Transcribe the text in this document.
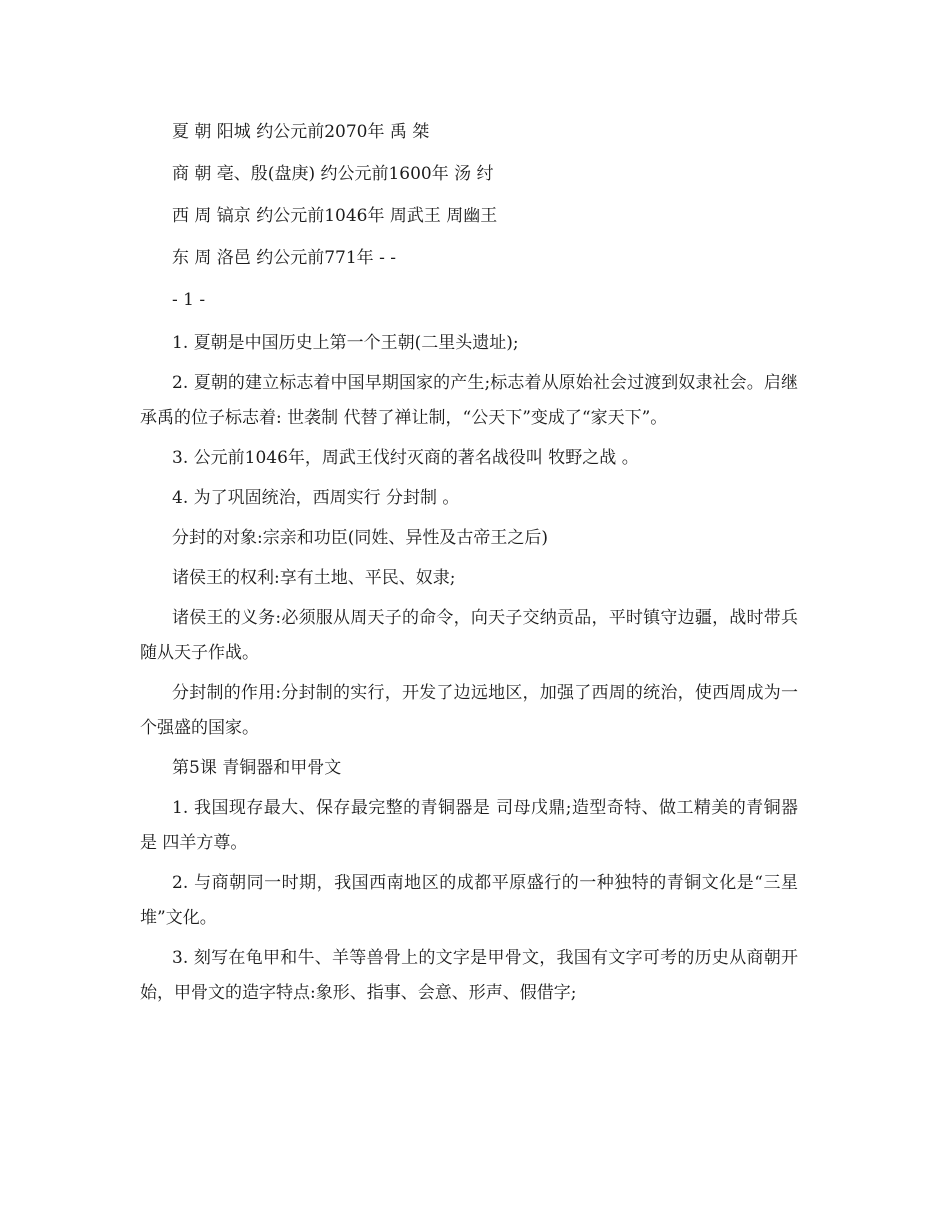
夏 朝 阳城 约公元前2070年 禹 桀

商 朝 亳、殷(盘庚) 约公元前1600年 汤 纣

西 周 镐京 约公元前1046年 周武王 周幽王

东 周 洛邑 约公元前771年 - -

- 1 -

1. 夏朝是中国历史上第一个王朝(二里头遗址);

2. 夏朝的建立标志着中国早期国家的产生;标志着从原始社会过渡到奴隶社会。启继承禹的位子标志着: 世袭制 代替了禅让制，“公天下”变成了“家天下”。

3. 公元前1046年，周武王伐纣灭商的著名战役叫 牧野之战 。

4. 为了巩固统治，西周实行 分封制 。

分封的对象:宗亲和功臣(同姓、异性及古帝王之后)

诸侯王的权利:享有土地、平民、奴隶;

诸侯王的义务:必须服从周天子的命令，向天子交纳贡品，平时镇守边疆，战时带兵随从天子作战。

分封制的作用:分封制的实行，开发了边远地区，加强了西周的统治，使西周成为一个强盛的国家。

第5课 青铜器和甲骨文

1. 我国现存最大、保存最完整的青铜器是 司母戊鼎;造型奇特、做工精美的青铜器是 四羊方尊。

2. 与商朝同一时期，我国西南地区的成都平原盛行的一种独特的青铜文化是“三星堆”文化。

3. 刻写在龟甲和牛、羊等兽骨上的文字是甲骨文，我国有文字可考的历史从商朝开始，甲骨文的造字特点:象形、指事、会意、形声、假借字;
